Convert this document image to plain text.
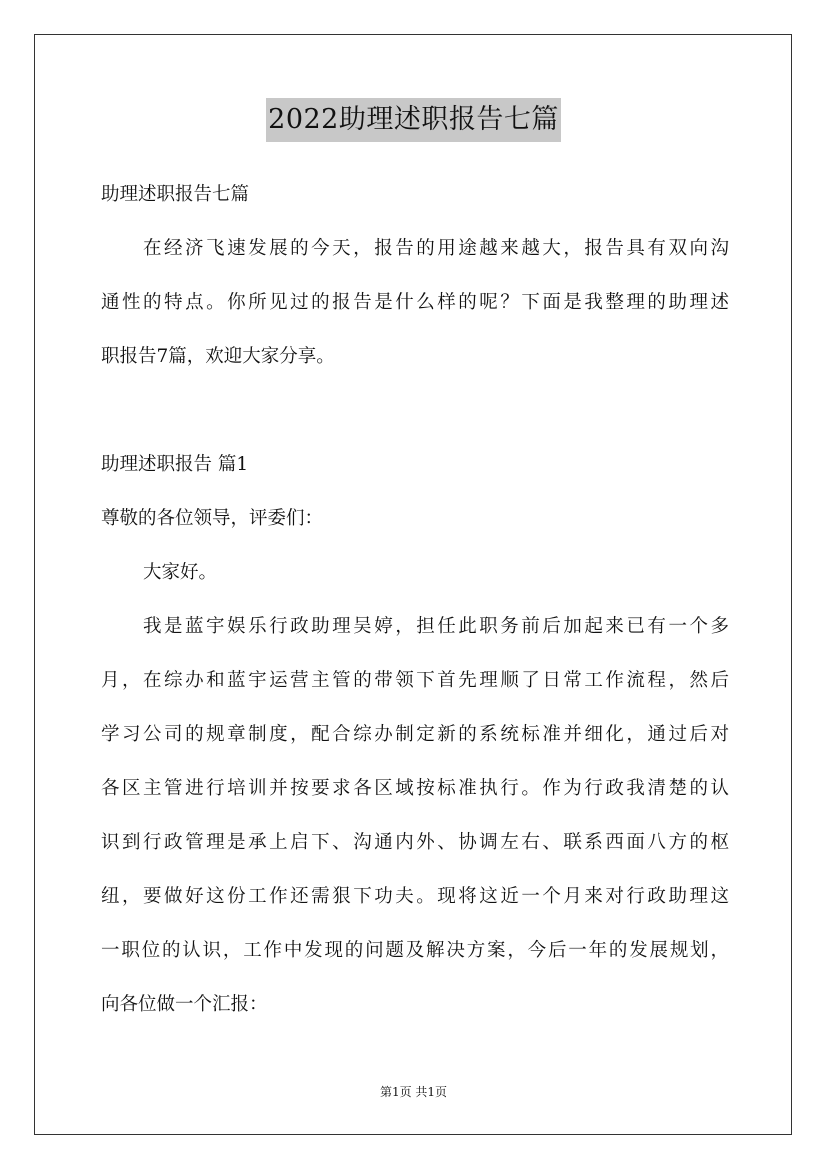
2022助理述职报告七篇
助理述职报告七篇
在经济飞速发展的今天，报告的用途越来越大，报告具有双向沟
通性的特点。你所见过的报告是什么样的呢？下面是我整理的助理述
职报告7篇，欢迎大家分享。
助理述职报告 篇1
尊敬的各位领导，评委们：
大家好。
我是蓝宇娱乐行政助理吴婷，担任此职务前后加起来已有一个多
月，在综办和蓝宇运营主管的带领下首先理顺了日常工作流程，然后
学习公司的规章制度，配合综办制定新的系统标准并细化，通过后对
各区主管进行培训并按要求各区域按标准执行。作为行政我清楚的认
识到行政管理是承上启下、沟通内外、协调左右、联系西面八方的枢
纽，要做好这份工作还需狠下功夫。现将这近一个月来对行政助理这
一职位的认识，工作中发现的问题及解决方案，今后一年的发展规划，
向各位做一个汇报：
第1页 共1页
